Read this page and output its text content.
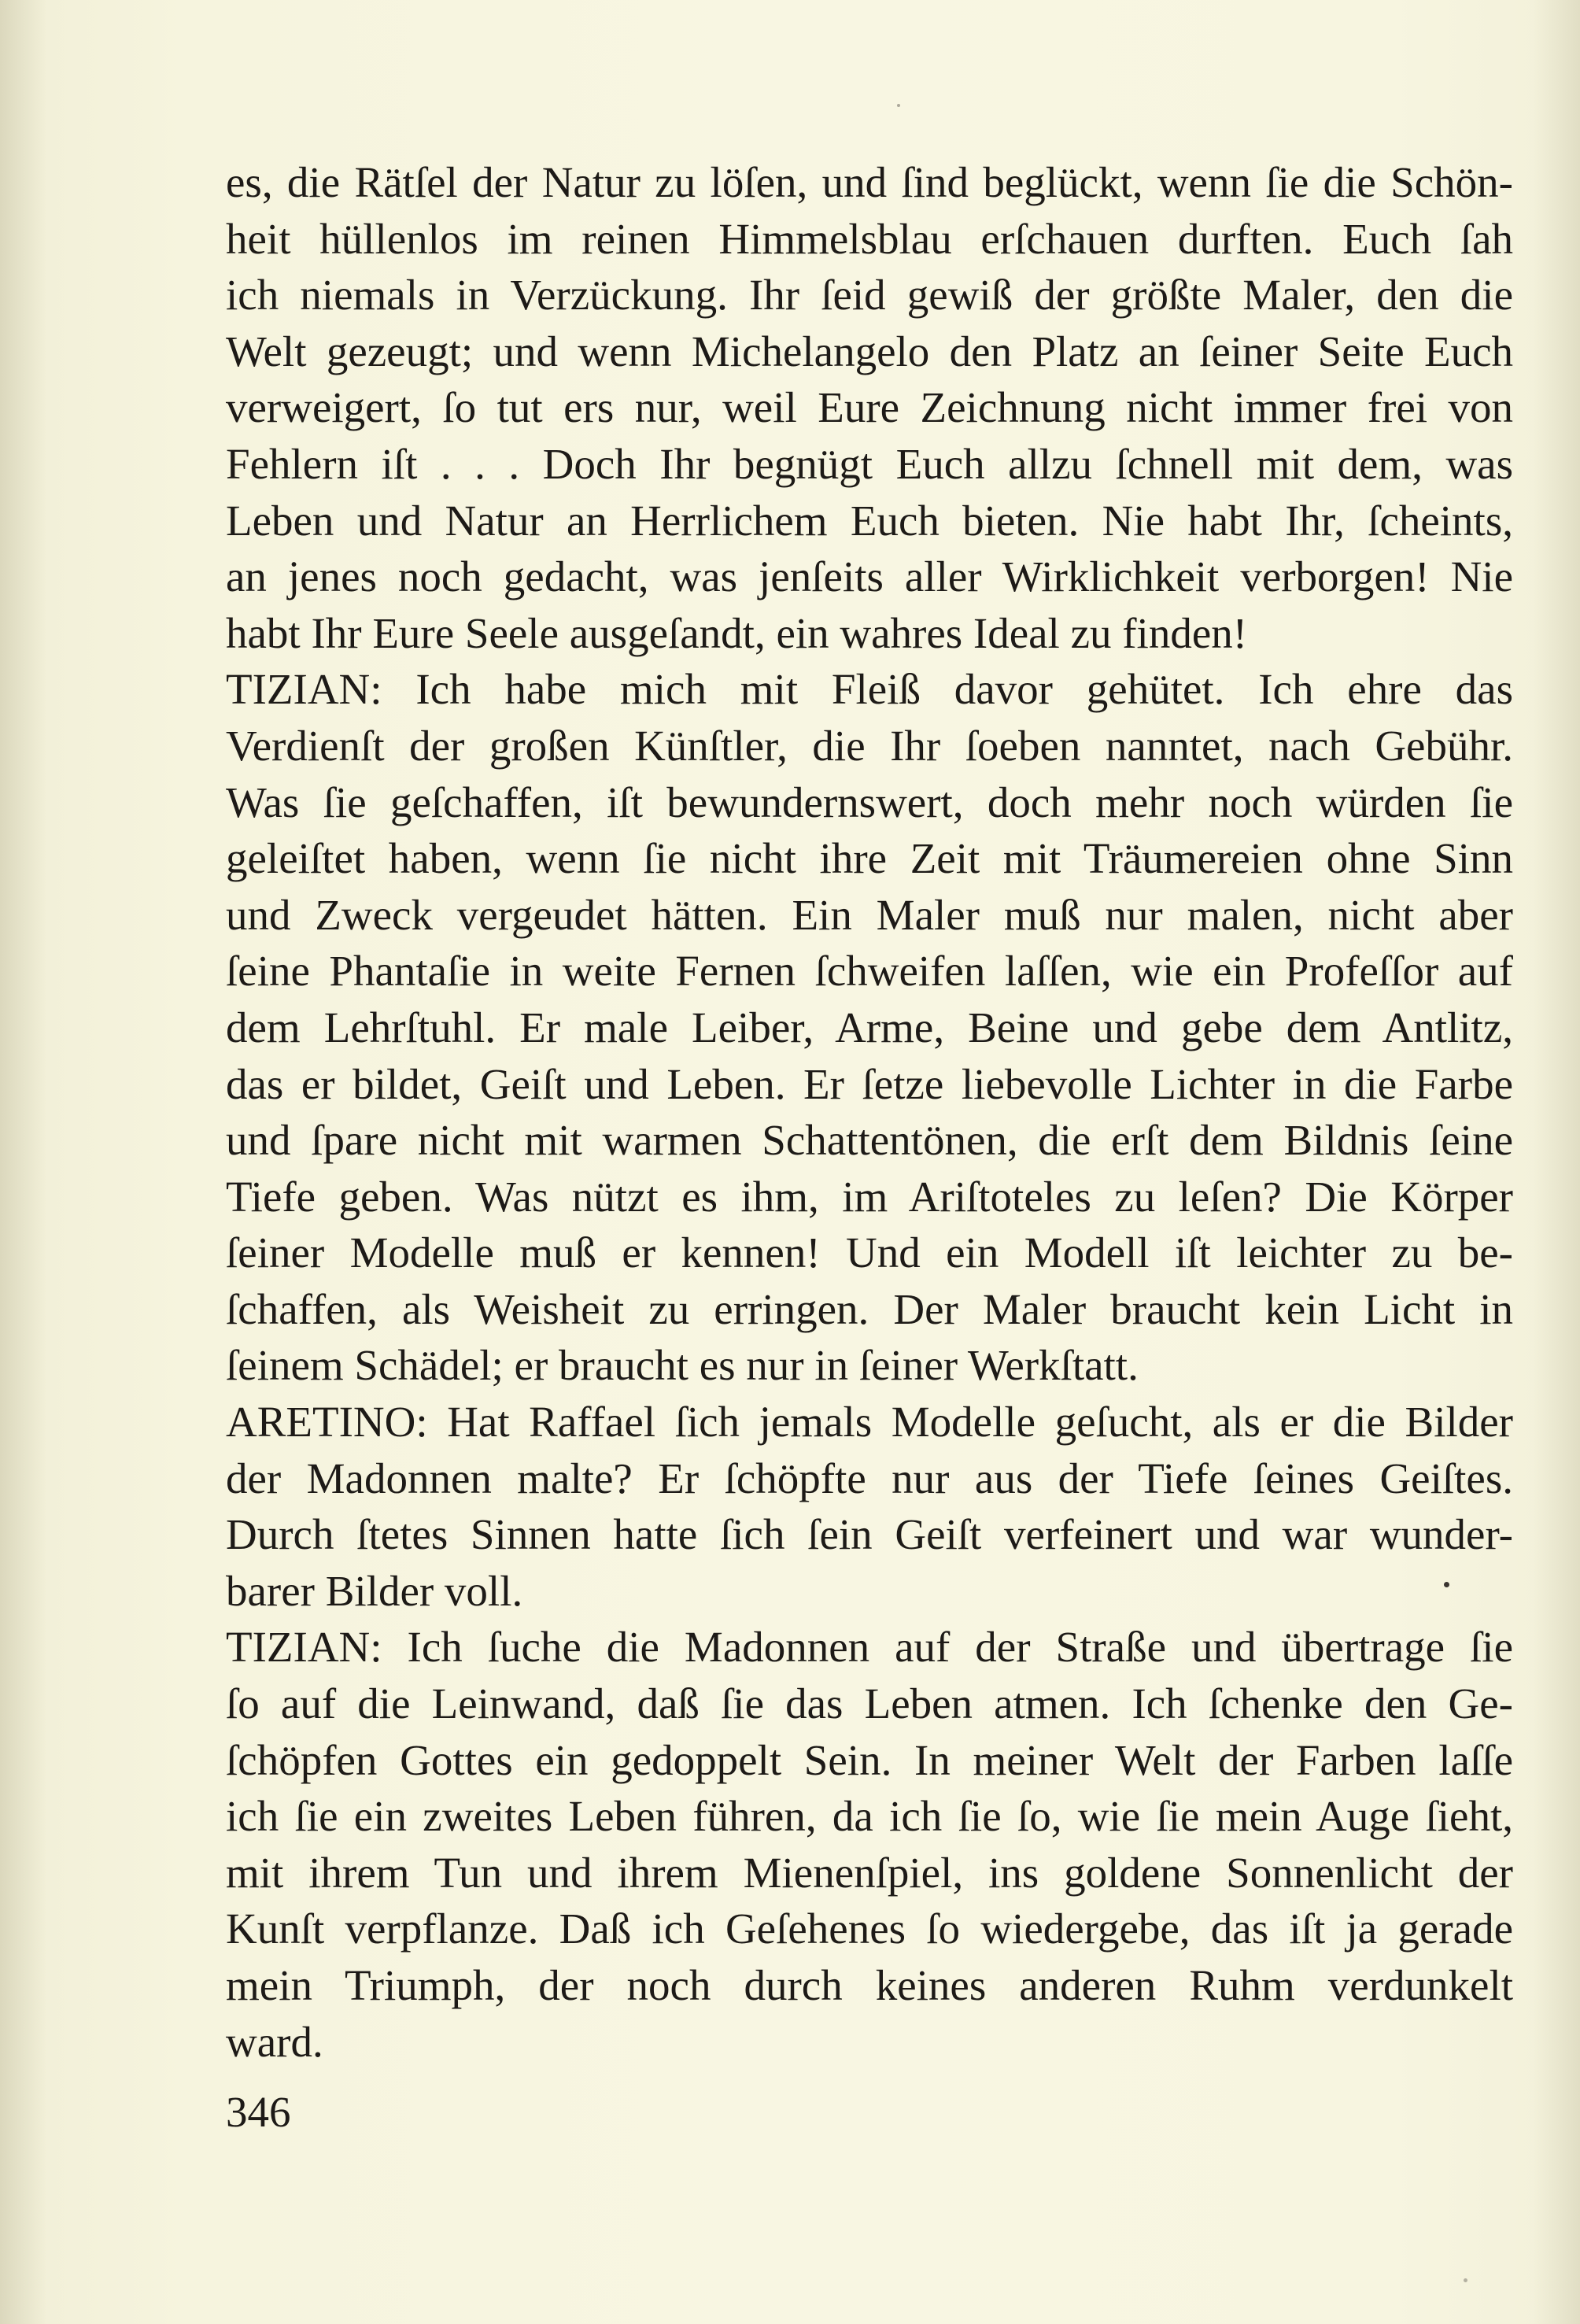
es, die Rätſel der Natur zu löſen, und ſind beglückt, wenn ſie die Schön-
heit hüllenlos im reinen Himmelsblau erſchauen durften. Euch ſah
ich niemals in Verzückung. Ihr ſeid gewiß der größte Maler, den die
Welt gezeugt; und wenn Michelangelo den Platz an ſeiner Seite Euch
verweigert, ſo tut ers nur, weil Eure Zeichnung nicht immer frei von
Fehlern iſt . . . Doch Ihr begnügt Euch allzu ſchnell mit dem, was
Leben und Natur an Herrlichem Euch bieten. Nie habt Ihr, ſcheints,
an jenes noch gedacht, was jenſeits aller Wirklichkeit verborgen! Nie
habt Ihr Eure Seele ausgeſandt, ein wahres Ideal zu finden!
TIZIAN: Ich habe mich mit Fleiß davor gehütet. Ich ehre das
Verdienſt der großen Künſtler, die Ihr ſoeben nanntet, nach Gebühr.
Was ſie geſchaffen, iſt bewundernswert, doch mehr noch würden ſie
geleiſtet haben, wenn ſie nicht ihre Zeit mit Träumereien ohne Sinn
und Zweck vergeudet hätten. Ein Maler muß nur malen, nicht aber
ſeine Phantaſie in weite Fernen ſchweifen laſſen, wie ein Profeſſor auf
dem Lehrſtuhl. Er male Leiber, Arme, Beine und gebe dem Antlitz,
das er bildet, Geiſt und Leben. Er ſetze liebevolle Lichter in die Farbe
und ſpare nicht mit warmen Schattentönen, die erſt dem Bildnis ſeine
Tiefe geben. Was nützt es ihm, im Ariſtoteles zu leſen? Die Körper
ſeiner Modelle muß er kennen! Und ein Modell iſt leichter zu be-
ſchaffen, als Weisheit zu erringen. Der Maler braucht kein Licht in
ſeinem Schädel; er braucht es nur in ſeiner Werkſtatt.
ARETINO: Hat Raffael ſich jemals Modelle geſucht, als er die Bilder
der Madonnen malte? Er ſchöpfte nur aus der Tiefe ſeines Geiſtes.
Durch ſtetes Sinnen hatte ſich ſein Geiſt verfeinert und war wunder-
barer Bilder voll.
TIZIAN: Ich ſuche die Madonnen auf der Straße und übertrage ſie
ſo auf die Leinwand, daß ſie das Leben atmen. Ich ſchenke den Ge-
ſchöpfen Gottes ein gedoppelt Sein. In meiner Welt der Farben laſſe
ich ſie ein zweites Leben führen, da ich ſie ſo, wie ſie mein Auge ſieht,
mit ihrem Tun und ihrem Mienenſpiel, ins goldene Sonnenlicht der
Kunſt verpflanze. Daß ich Geſehenes ſo wiedergebe, das iſt ja gerade
mein Triumph, der noch durch keines anderen Ruhm verdunkelt
ward.
346
